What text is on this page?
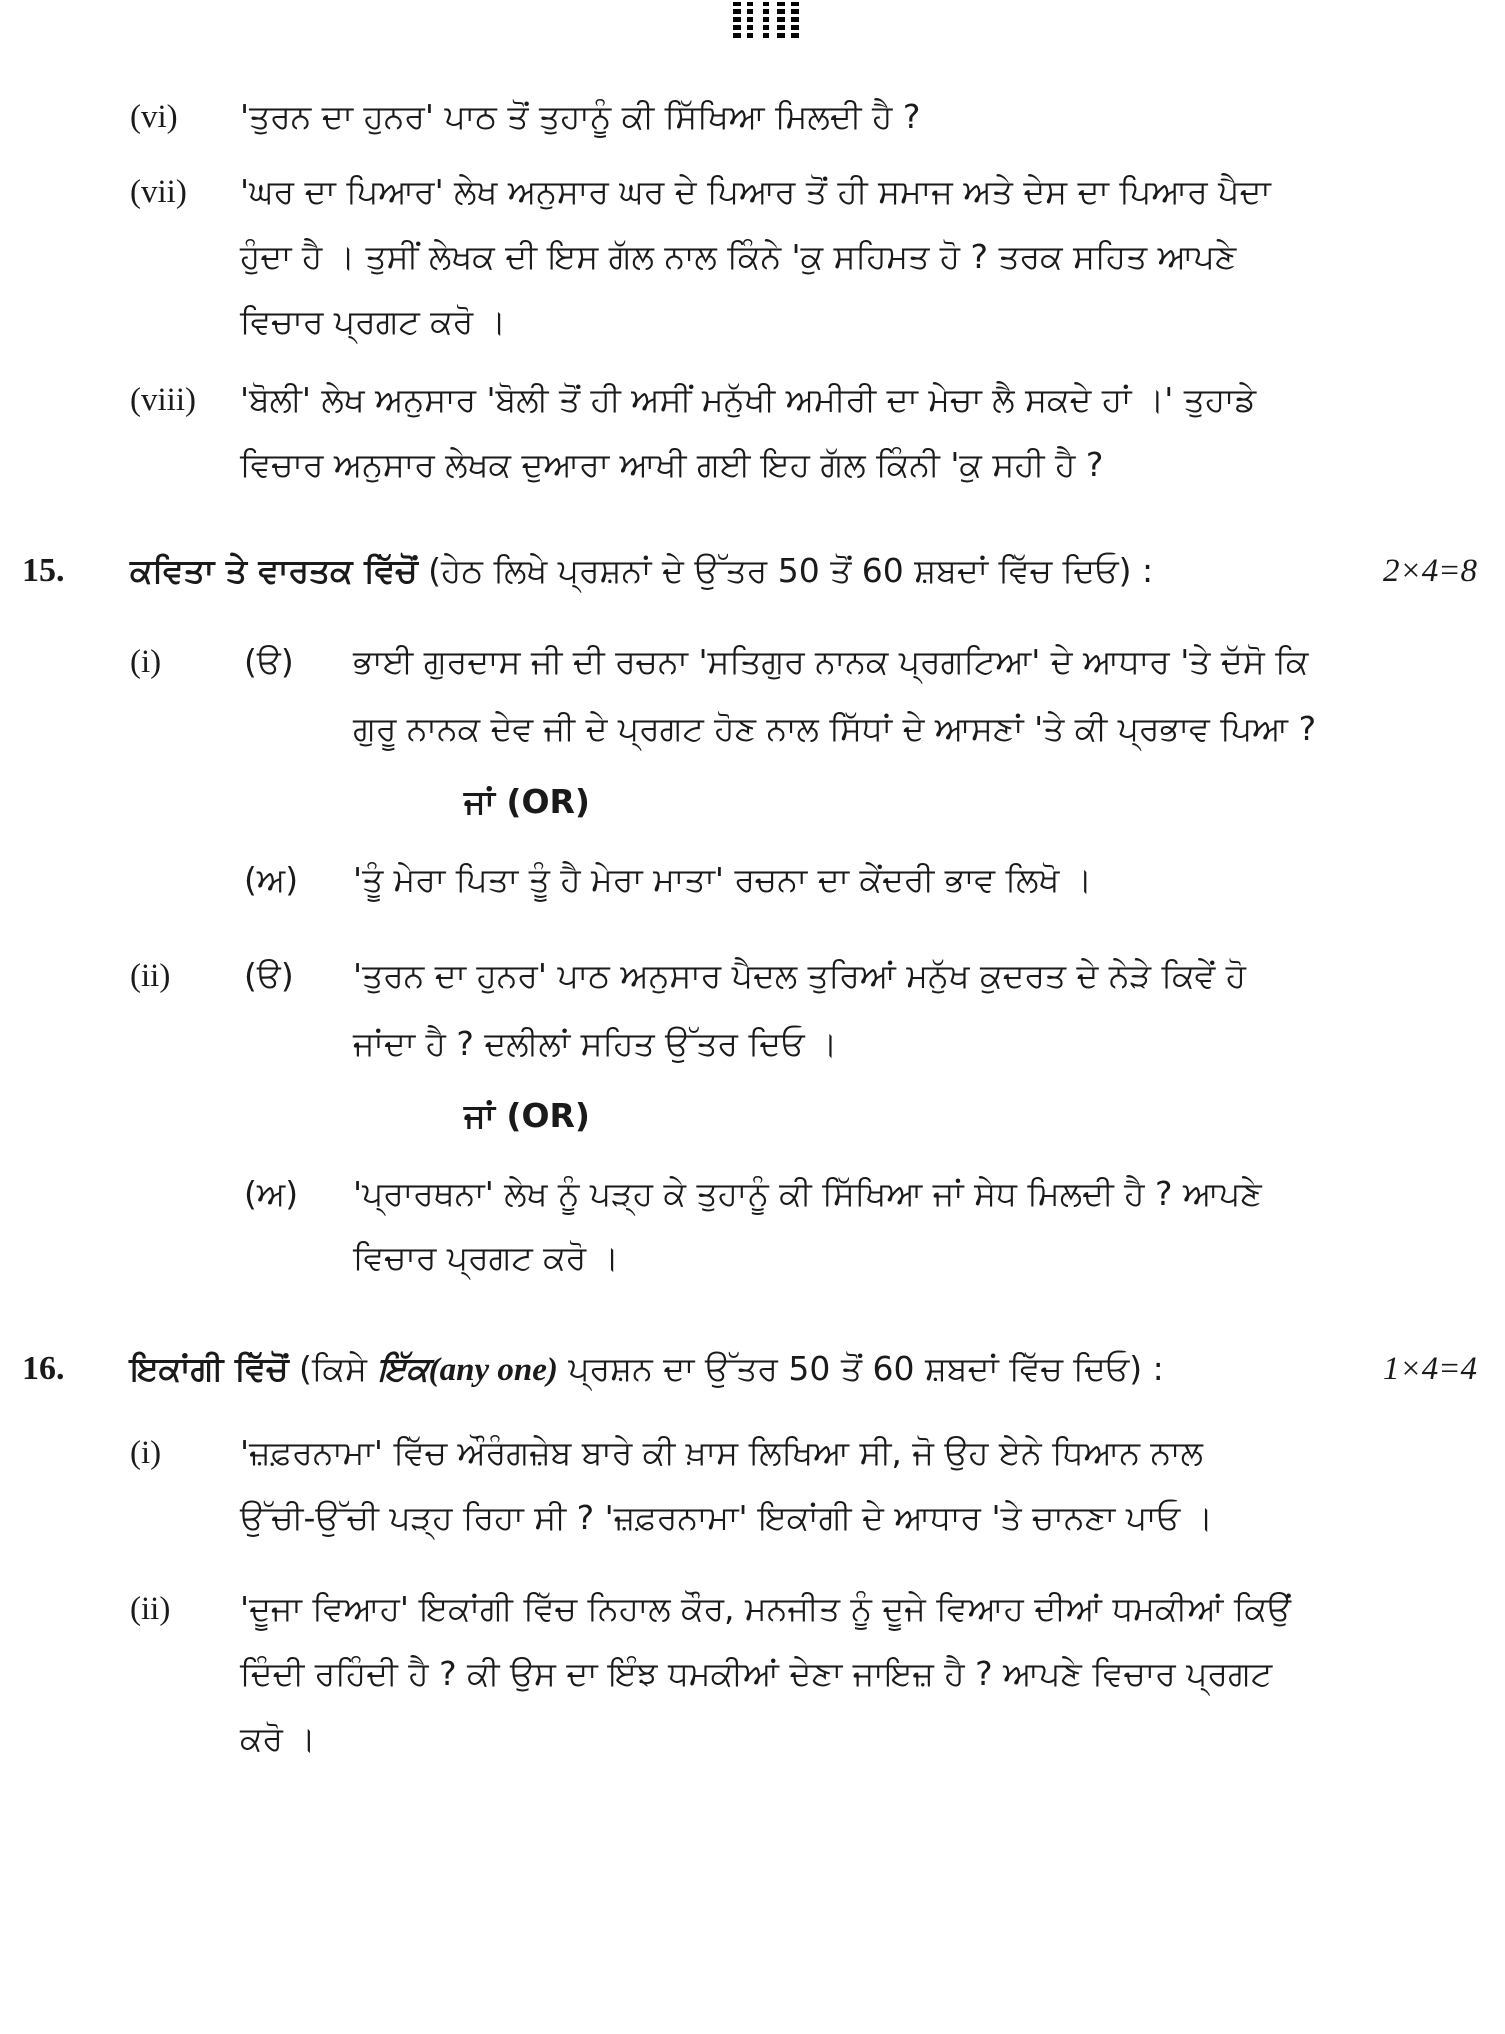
(vi) 'ਤੁਰਨ ਦਾ ਹੁਨਰ' ਪਾਠ ਤੋਂ ਤੁਹਾਨੂੰ ਕੀ ਸਿੱਖਿਆ ਮਿਲਦੀ ਹੈ ?
(vii) 'ਘਰ ਦਾ ਪਿਆਰ' ਲੇਖ ਅਨੁਸਾਰ ਘਰ ਦੇ ਪਿਆਰ ਤੋਂ ਹੀ ਸਮਾਜ ਅਤੇ ਦੇਸ ਦਾ ਪਿਆਰ ਪੈਦਾ
ਹੁੰਦਾ ਹੈ । ਤੁਸੀਂ ਲੇਖਕ ਦੀ ਇਸ ਗੱਲ ਨਾਲ ਕਿੰਨੇ 'ਕੁ ਸਹਿਮਤ ਹੋ ? ਤਰਕ ਸਹਿਤ ਆਪਣੇ
ਵਿਚਾਰ ਪ੍ਰਗਟ ਕਰੋ ।
(viii) 'ਬੋਲੀ' ਲੇਖ ਅਨੁਸਾਰ 'ਬੋਲੀ ਤੋਂ ਹੀ ਅਸੀਂ ਮਨੁੱਖੀ ਅਮੀਰੀ ਦਾ ਮੇਚਾ ਲੈ ਸਕਦੇ ਹਾਂ ।' ਤੁਹਾਡੇ
ਵਿਚਾਰ ਅਨੁਸਾਰ ਲੇਖਕ ਦੁਆਰਾ ਆਖੀ ਗਈ ਇਹ ਗੱਲ ਕਿੰਨੀ 'ਕੁ ਸਹੀ ਹੈ ?
15. ਕਵਿਤਾ ਤੇ ਵਾਰਤਕ ਵਿੱਚੋਂ (ਹੇਠ ਲਿਖੇ ਪ੍ਰਸ਼ਨਾਂ ਦੇ ਉੱਤਰ 50 ਤੋਂ 60 ਸ਼ਬਦਾਂ ਵਿੱਚ ਦਿਓ) :	2×4=8
(i)	(ੳ) ਭਾਈ ਗੁਰਦਾਸ ਜੀ ਦੀ ਰਚਨਾ 'ਸਤਿਗੁਰ ਨਾਨਕ ਪ੍ਰਗਟਿਆ' ਦੇ ਆਧਾਰ 'ਤੇ ਦੱਸੋ ਕਿ
ਗੁਰੂ ਨਾਨਕ ਦੇਵ ਜੀ ਦੇ ਪ੍ਰਗਟ ਹੋਣ ਨਾਲ ਸਿੱਧਾਂ ਦੇ ਆਸਣਾਂ 'ਤੇ ਕੀ ਪ੍ਰਭਾਵ ਪਿਆ ?
ਜਾਂ (OR)
(ਅ) 'ਤੂੰ ਮੇਰਾ ਪਿਤਾ ਤੂੰ ਹੈ ਮੇਰਾ ਮਾਤਾ' ਰਚਨਾ ਦਾ ਕੇਂਦਰੀ ਭਾਵ ਲਿਖੋ ।
(ii) (ੳ) 'ਤੁਰਨ ਦਾ ਹੁਨਰ' ਪਾਠ ਅਨੁਸਾਰ ਪੈਦਲ ਤੁਰਿਆਂ ਮਨੁੱਖ ਕੁਦਰਤ ਦੇ ਨੇੜੇ ਕਿਵੇਂ ਹੋ
ਜਾਂਦਾ ਹੈ ? ਦਲੀਲਾਂ ਸਹਿਤ ਉੱਤਰ ਦਿਓ ।
ਜਾਂ (OR)
(ਅ) 'ਪ੍ਰਾਰਥਨਾ' ਲੇਖ ਨੂੰ ਪੜ੍ਹ ਕੇ ਤੁਹਾਨੂੰ ਕੀ ਸਿੱਖਿਆ ਜਾਂ ਸੇਧ ਮਿਲਦੀ ਹੈ ? ਆਪਣੇ
ਵਿਚਾਰ ਪ੍ਰਗਟ ਕਰੋ ।
16. ਇਕਾਂਗੀ ਵਿੱਚੋਂ (ਕਿਸੇ ਇੱਕ(any one) ਪ੍ਰਸ਼ਨ ਦਾ ਉੱਤਰ 50 ਤੋਂ 60 ਸ਼ਬਦਾਂ ਵਿੱਚ ਦਿਓ) :	1×4=4
(i) 'ਜ਼ਫ਼ਰਨਾਮਾ' ਵਿੱਚ ਔਰੰਗਜ਼ੇਬ ਬਾਰੇ ਕੀ ਖ਼ਾਸ ਲਿਖਿਆ ਸੀ, ਜੋ ਉਹ ਏਨੇ ਧਿਆਨ ਨਾਲ
ਉੱਚੀ-ਉੱਚੀ ਪੜ੍ਹ ਰਿਹਾ ਸੀ ? 'ਜ਼ਫ਼ਰਨਾਮਾ' ਇਕਾਂਗੀ ਦੇ ਆਧਾਰ 'ਤੇ ਚਾਨਣਾ ਪਾਓ ।
(ii) 'ਦੂਜਾ ਵਿਆਹ' ਇਕਾਂਗੀ ਵਿੱਚ ਨਿਹਾਲ ਕੌਰ, ਮਨਜੀਤ ਨੂੰ ਦੂਜੇ ਵਿਆਹ ਦੀਆਂ ਧਮਕੀਆਂ ਕਿਉਂ
ਦਿੰਦੀ ਰਹਿੰਦੀ ਹੈ ? ਕੀ ਉਸ ਦਾ ਇੰਝ ਧਮਕੀਆਂ ਦੇਣਾ ਜਾਇਜ਼ ਹੈ ? ਆਪਣੇ ਵਿਚਾਰ ਪ੍ਰਗਟ
ਕਰੋ ।
